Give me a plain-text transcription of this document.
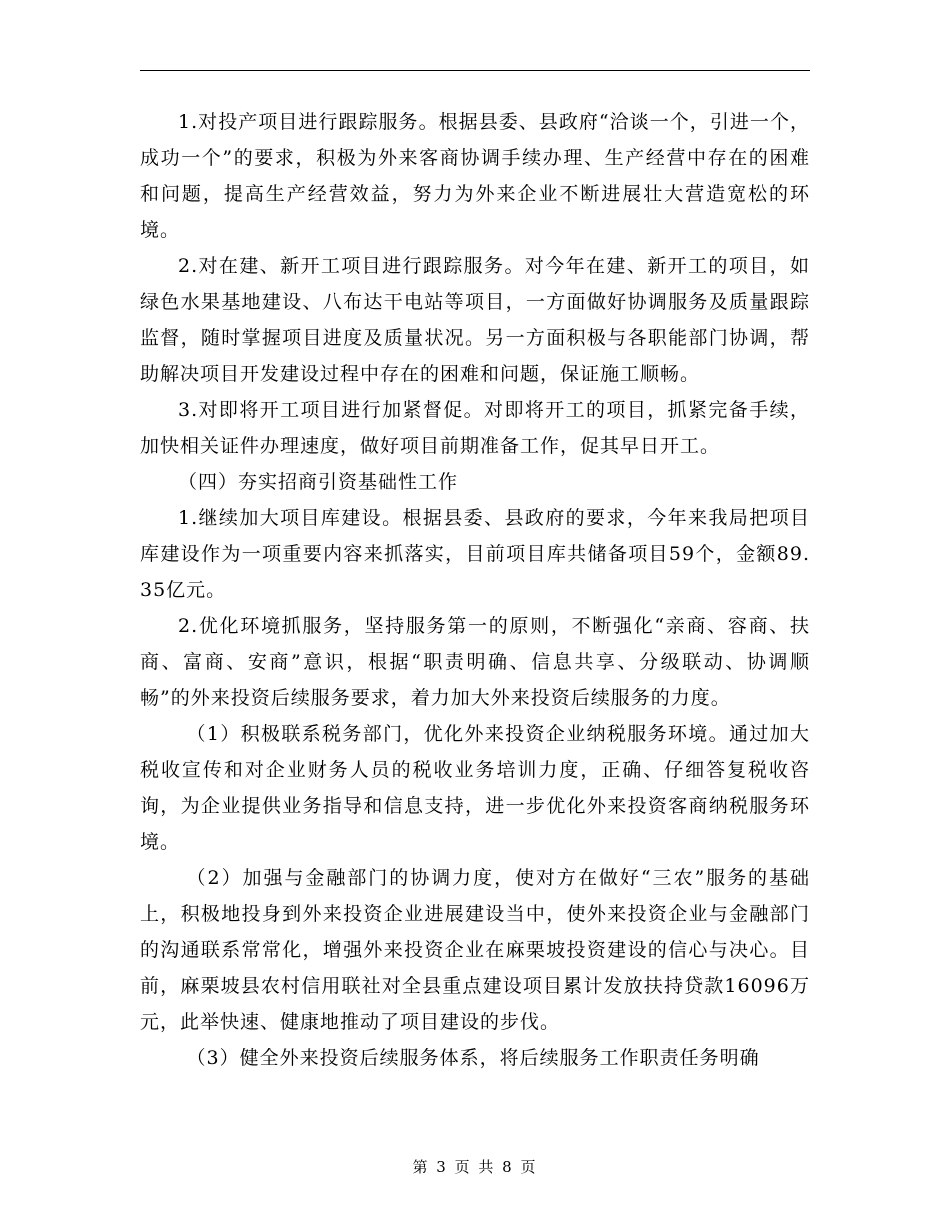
1.对投产项目进行跟踪服务。根据县委、县政府“洽谈一个，引进一个，成功一个”的要求，积极为外来客商协调手续办理、生产经营中存在的困难和问题，提高生产经营效益，努力为外来企业不断进展壮大营造宽松的环境。

2.对在建、新开工项目进行跟踪服务。对今年在建、新开工的项目，如绿色水果基地建设、八布达干电站等项目，一方面做好协调服务及质量跟踪监督，随时掌握项目进度及质量状况。另一方面积极与各职能部门协调，帮助解决项目开发建设过程中存在的困难和问题，保证施工顺畅。

3.对即将开工项目进行加紧督促。对即将开工的项目，抓紧完备手续，加快相关证件办理速度，做好项目前期准备工作，促其早日开工。

（四）夯实招商引资基础性工作

1.继续加大项目库建设。根据县委、县政府的要求，今年来我局把项目库建设作为一项重要内容来抓落实，目前项目库共储备项目59个，金额89.35亿元。

2.优化环境抓服务，坚持服务第一的原则，不断强化“亲商、容商、扶商、富商、安商”意识，根据“职责明确、信息共享、分级联动、协调顺畅”的外来投资后续服务要求，着力加大外来投资后续服务的力度。

（1）积极联系税务部门，优化外来投资企业纳税服务环境。通过加大税收宣传和对企业财务人员的税收业务培训力度，正确、仔细答复税收咨询，为企业提供业务指导和信息支持，进一步优化外来投资客商纳税服务环境。

（2）加强与金融部门的协调力度，使对方在做好“三农”服务的基础上，积极地投身到外来投资企业进展建设当中，使外来投资企业与金融部门的沟通联系常常化，增强外来投资企业在麻栗坡投资建设的信心与决心。目前，麻栗坡县农村信用联社对全县重点建设项目累计发放扶持贷款16096万元，此举快速、健康地推动了项目建设的步伐。

（3）健全外来投资后续服务体系，将后续服务工作职责任务明确

第 3 页 共 8 页
